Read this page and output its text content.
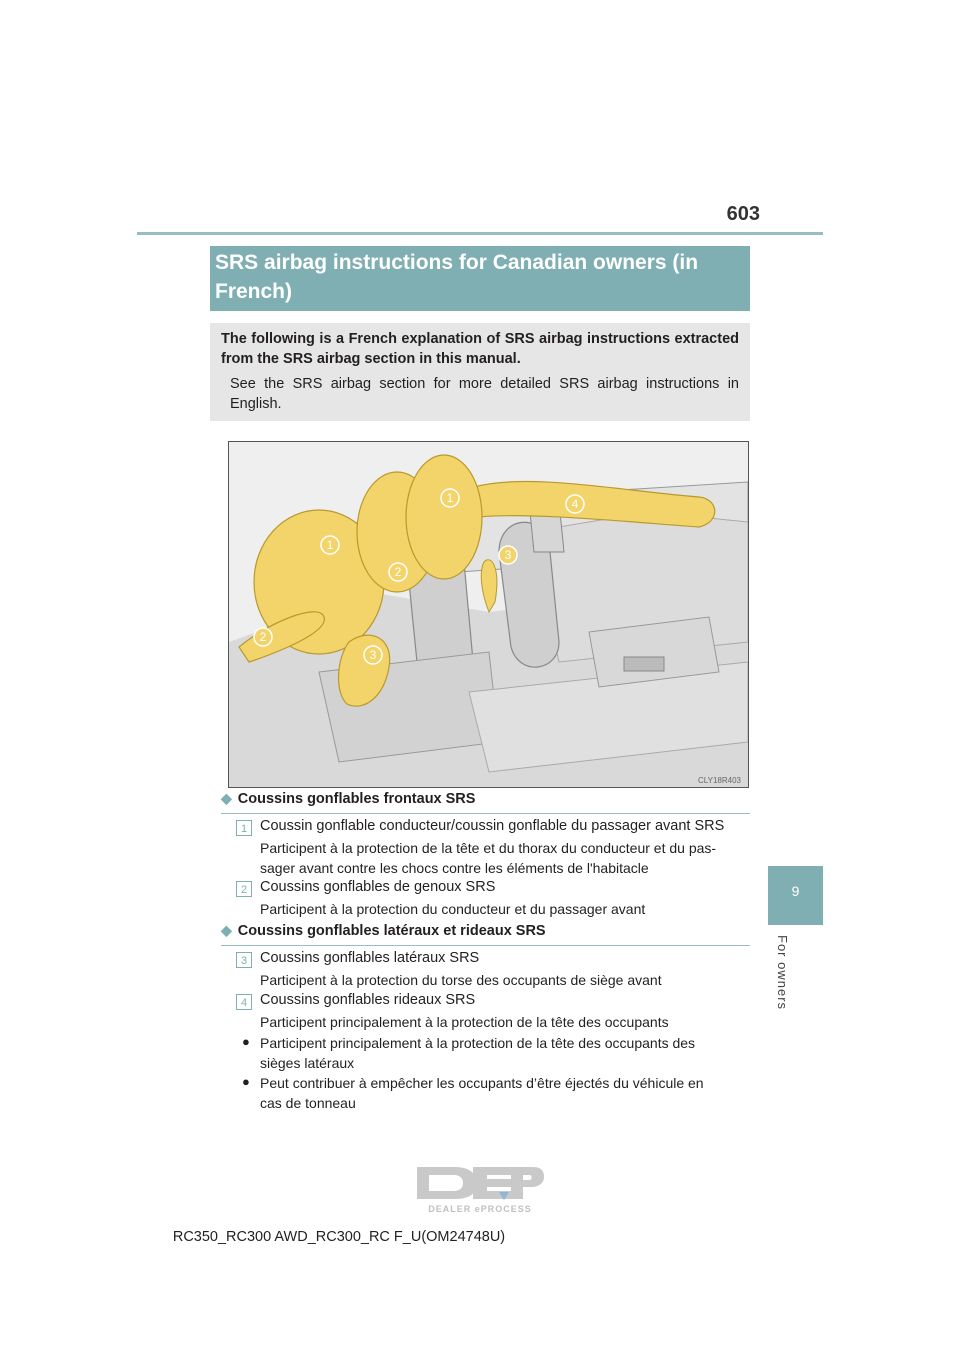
603
SRS airbag instructions for Canadian owners (in French)
The following is a French explanation of SRS airbag instructions extracted from the SRS airbag section in this manual.
See the SRS airbag section for more detailed SRS airbag instructions in English.
1
1
2
2
3
3
4
CLY18R403
9
For owners
◆ Coussins gonflables frontaux SRS
1 Coussin gonflable conducteur/coussin gonflable du passager avant SRS
Participent à la protection de la tête et du thorax du conducteur et du pas-
sager avant contre les chocs contre les éléments de l'habitacle
2 Coussins gonflables de genoux SRS
Participent à la protection du conducteur et du passager avant
◆ Coussins gonflables latéraux et rideaux SRS
3 Coussins gonflables latéraux SRS
Participent à la protection du torse des occupants de siège avant
4 Coussins gonflables rideaux SRS
Participent principalement à la protection de la tête des occupants
● Participent principalement à la protection de la tête des occupants des
sièges latéraux
● Peut contribuer à empêcher les occupants d’être éjectés du véhicule en
cas de tonneau
DEALER ePROCESS
RC350_RC300 AWD_RC300_RC F_U(OM24748U)
